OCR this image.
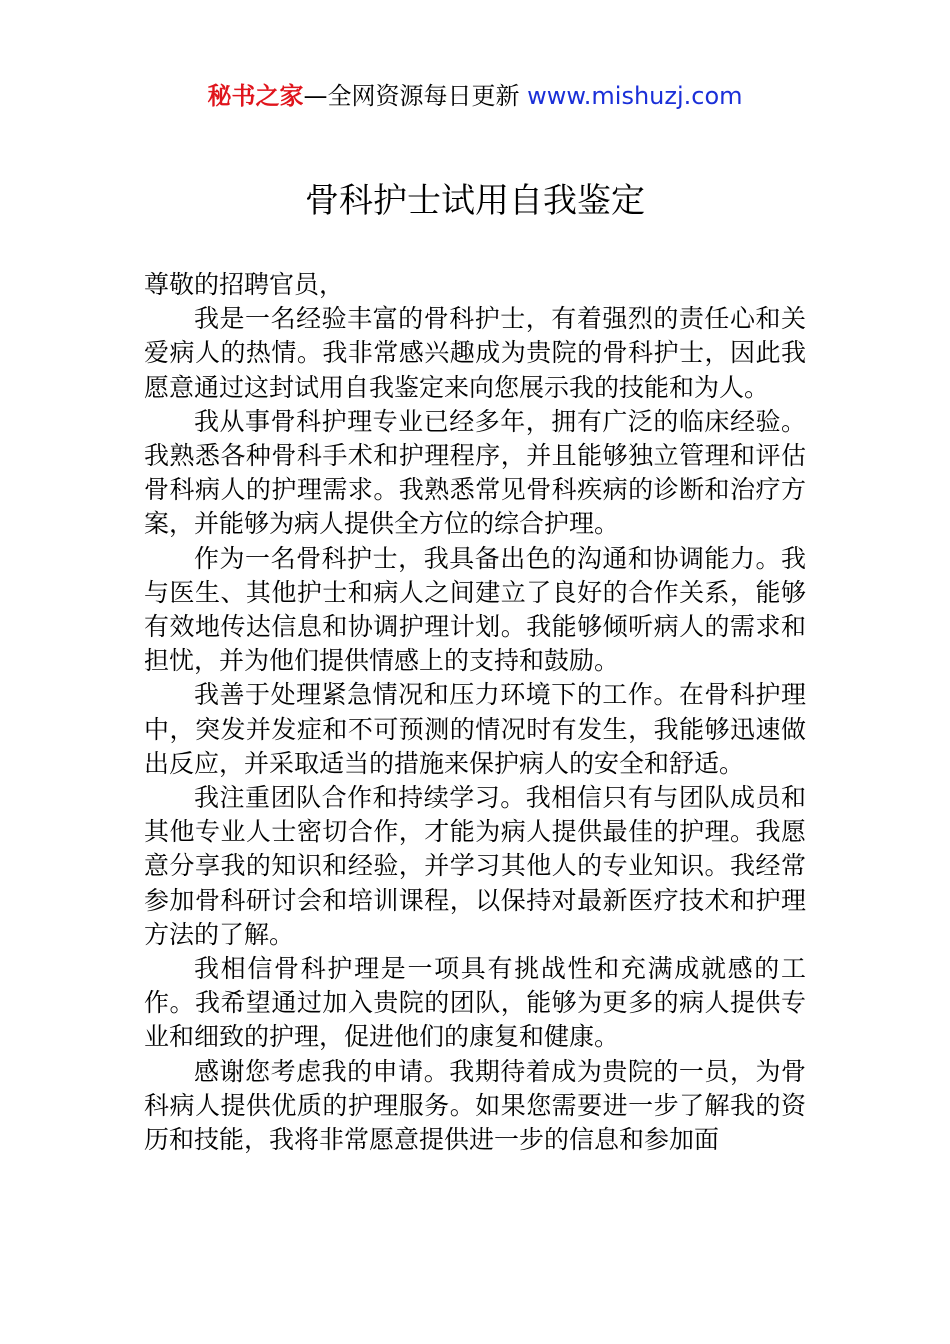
秘书之家—全网资源每日更新 www.mishuzj.com
骨科护士试用自我鉴定

尊敬的招聘官员，

我是一名经验丰富的骨科护士，有着强烈的责任心和关爱病人的热情。我非常感兴趣成为贵院的骨科护士，因此我愿意通过这封试用自我鉴定来向您展示我的技能和为人。

我从事骨科护理专业已经多年，拥有广泛的临床经验。我熟悉各种骨科手术和护理程序，并且能够独立管理和评估骨科病人的护理需求。我熟悉常见骨科疾病的诊断和治疗方案，并能够为病人提供全方位的综合护理。

作为一名骨科护士，我具备出色的沟通和协调能力。我与医生、其他护士和病人之间建立了良好的合作关系，能够有效地传达信息和协调护理计划。我能够倾听病人的需求和担忧，并为他们提供情感上的支持和鼓励。

我善于处理紧急情况和压力环境下的工作。在骨科护理中，突发并发症和不可预测的情况时有发生，我能够迅速做出反应，并采取适当的措施来保护病人的安全和舒适。

我注重团队合作和持续学习。我相信只有与团队成员和其他专业人士密切合作，才能为病人提供最佳的护理。我愿意分享我的知识和经验，并学习其他人的专业知识。我经常参加骨科研讨会和培训课程，以保持对最新医疗技术和护理方法的了解。

我相信骨科护理是一项具有挑战性和充满成就感的工作。我希望通过加入贵院的团队，能够为更多的病人提供专业和细致的护理，促进他们的康复和健康。

感谢您考虑我的申请。我期待着成为贵院的一员，为骨科病人提供优质的护理服务。如果您需要进一步了解我的资历和技能，我将非常愿意提供进一步的信息和参加面
